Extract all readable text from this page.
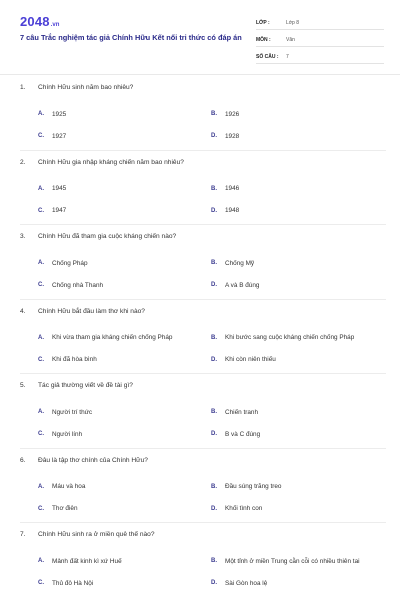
2048 .vn
7 câu Trắc nghiệm tác giả Chính Hữu Kết nối tri thức có đáp án
LỚP :	Lớp 8
MÔN :	Văn
SỐ CÂU :	7
1.	Chính Hữu sinh năm bao nhiêu?
A.	1925	B.	1926
C.	1927	D.	1928
2.	Chính Hữu gia nhập kháng chiến năm bao nhiêu?
A.	1945	B.	1946
C.	1947	D.	1948
3.	Chính Hữu đã tham gia cuộc kháng chiến nào?
A.	Chống Pháp	B.	Chống Mỹ
C.	Chống nhà Thanh	D.	A và B đúng
4.	Chính Hữu bắt đầu làm thơ khi nào?
A.	Khi vừa tham gia kháng chiến chống Pháp	B.	Khi bước sang cuộc kháng chiến chống Pháp
C.	Khi đã hòa bình	D.	Khi còn niên thiếu
5.	Tác giả thường viết về đề tài gì?
A.	Người trí thức	B.	Chiến tranh
C.	Người lính	D.	B và C đúng
6.	Đâu là tập thơ chính của Chính Hữu?
A.	Máu và hoa	B.	Đầu súng trăng treo
C.	Thơ điên	D.	Khối tình con
7.	Chính Hữu sinh ra ở miền quê thế nào?
A.	Mảnh đất kinh kì xứ Huế	B.	Một tỉnh ở miền Trung cằn cỗi có nhiều thiên tai
C.	Thủ đô Hà Nội	D.	Sài Gòn hoa lệ
